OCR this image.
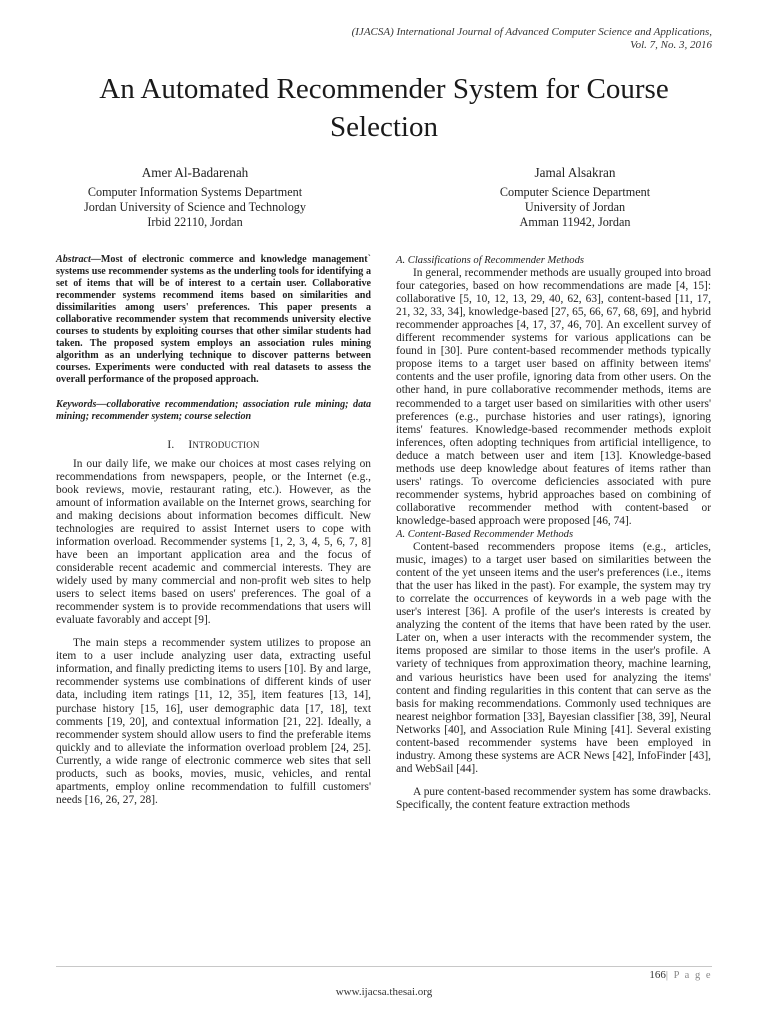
(IJACSA) International Journal of Advanced Computer Science and Applications,
Vol. 7, No. 3, 2016
An Automated Recommender System for Course
Selection
Amer Al-Badarenah
Computer Information Systems Department
Jordan University of Science and Technology
Irbid 22110, Jordan
Jamal Alsakran
Computer Science Department
University of Jordan
Amman 11942, Jordan

Abstract—Most of electronic commerce and knowledge management` systems use recommender systems as the underling tools for identifying a set of items that will be of interest to a certain user. Collaborative recommender systems recommend items based on similarities and dissimilarities among users' preferences. This paper presents a collaborative recommender system that recommends university elective courses to students by exploiting courses that other similar students had taken. The proposed system employs an association rules mining algorithm as an underlying technique to discover patterns between courses. Experiments were conducted with real datasets to assess the overall performance of the proposed approach.

Keywords—collaborative recommendation; association rule mining; data mining; recommender system; course selection

I. INTRODUCTION

In our daily life, we make our choices at most cases relying on recommendations from newspapers, people, or the Internet (e.g., book reviews, movie, restaurant rating, etc.). However, as the amount of information available on the Internet grows, searching for and making decisions about information becomes difficult. New technologies are required to assist Internet users to cope with information overload. Recommender systems [1, 2, 3, 4, 5, 6, 7, 8] have been an important application area and the focus of considerable recent academic and commercial interests. They are widely used by many commercial and non-profit web sites to help users to select items based on users' preferences. The goal of a recommender system is to provide recommendations that users will evaluate favorably and accept [9].

The main steps a recommender system utilizes to propose an item to a user include analyzing user data, extracting useful information, and finally predicting items to users [10]. By and large, recommender systems use combinations of different kinds of user data, including item ratings [11, 12, 35], item features [13, 14], purchase history [15, 16], user demographic data [17, 18], text comments [19, 20], and contextual information [21, 22]. Ideally, a recommender system should allow users to find the preferable items quickly and to alleviate the information overload problem [24, 25]. Currently, a wide range of electronic commerce web sites that sell products, such as books, movies, music, vehicles, and rental apartments, employ online recommendation to fulfill customers' needs [16, 26, 27, 28].

A. Classifications of Recommender Methods

In general, recommender methods are usually grouped into broad four categories, based on how recommendations are made [4, 15]: collaborative [5, 10, 12, 13, 29, 40, 62, 63], content-based [11, 17, 21, 32, 33, 34], knowledge-based [27, 65, 66, 67, 68, 69], and hybrid recommender approaches [4, 17, 37, 46, 70]. An excellent survey of different recommender systems for various applications can be found in [30]. Pure content-based recommender methods typically propose items to a target user based on affinity between items' contents and the user profile, ignoring data from other users. On the other hand, in pure collaborative recommender methods, items are recommended to a target user based on similarities with other users' preferences (e.g., purchase histories and user ratings), ignoring items' features. Knowledge-based recommender methods exploit inferences, often adopting techniques from artificial intelligence, to deduce a match between user and item [13]. Knowledge-based methods use deep knowledge about features of items rather than users' ratings. To overcome deficiencies associated with pure recommender systems, hybrid approaches based on combining of collaborative recommender method with content-based or knowledge-based approach were proposed [46, 74].

A. Content-Based Recommender Methods

Content-based recommenders propose items (e.g., articles, music, images) to a target user based on similarities between the content of the yet unseen items and the user's preferences (i.e., items that the user has liked in the past). For example, the system may try to correlate the occurrences of keywords in a web page with the user's interest [36]. A profile of the user's interests is created by analyzing the content of the items that have been rated by the user. Later on, when a user interacts with the recommender system, the items proposed are similar to those items in the user's profile. A variety of techniques from approximation theory, machine learning, and various heuristics have been used for analyzing the items' content and finding regularities in this content that can serve as the basis for making recommendations. Commonly used techniques are nearest neighbor formation [33], Bayesian classifier [38, 39], Neural Networks [40], and Association Rule Mining [41]. Several existing content-based recommender systems have been employed in industry. Among these systems are ACR News [42], InfoFinder [43], and WebSail [44].

A pure content-based recommender system has some drawbacks. Specifically, the content feature extraction methods

166| P a g e
www.ijacsa.thesai.org
